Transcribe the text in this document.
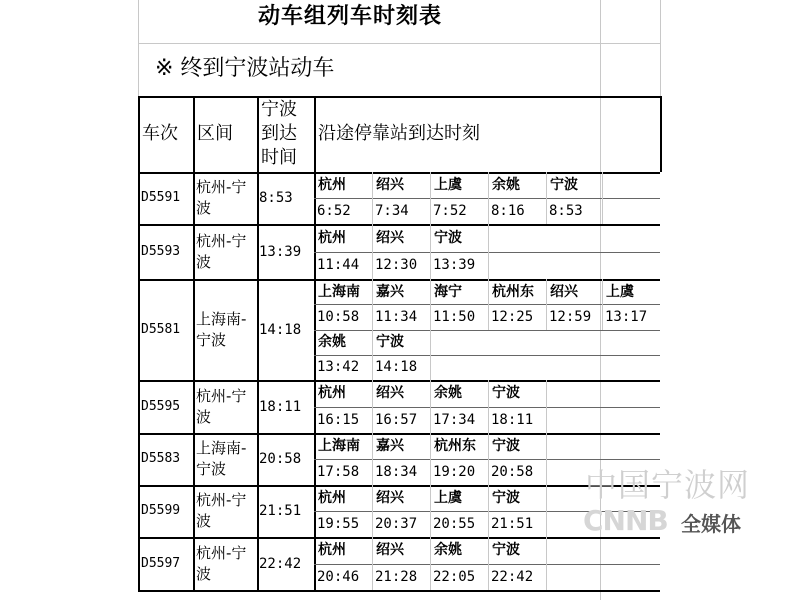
动车组列车时刻表
※ 终到宁波站动车
车次 区间
宁波到达时间
沿途停靠站到达时刻
D5591
杭州-宁波
8:53
杭州
6:52
绍兴
7:34
上虞
7:52
余姚
8:16
宁波
8:53
D5593
杭州-宁波
13:39
杭州
11:44
绍兴
12:30
宁波
13:39
D5581
上海南-宁波
14:18
上海南
10:58
嘉兴
11:34
海宁
11:50
杭州东
12:25
绍兴
12:59
上虞
13:17
余姚
13:42
宁波
14:18
D5595
杭州-宁波
18:11
杭州
16:15
绍兴
16:57
余姚
17:34
宁波
18:11
D5583
上海南-宁波
20:58
上海南
17:58
嘉兴
18:34
杭州东
19:20
宁波
20:58
D5599
杭州-宁波
21:51
杭州
19:55
绍兴
20:37
上虞
20:55
宁波
21:51
D5597
杭州-宁波
22:42
杭州
20:46
绍兴
21:28
余姚
22:05
宁波
22:42
中国宁波网
CNNB 全媒体
